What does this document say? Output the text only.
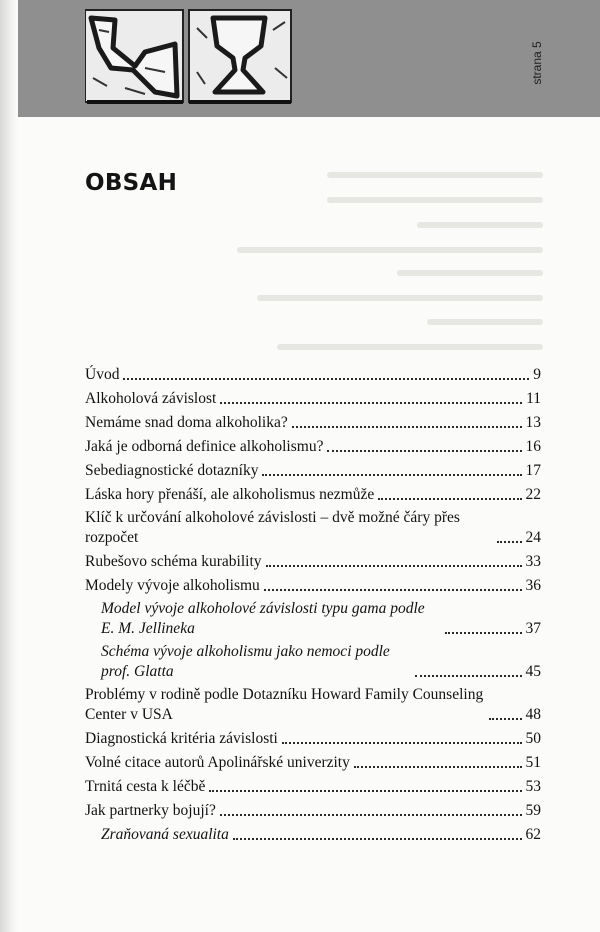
strana 5
OBSAH
Úvod	9
Alkoholová závislost	11
Nemáme snad doma alkoholika?	13
Jaká je odborná definice alkoholismu?	16
Sebediagnostické dotazníky	17
Láska hory přenáší, ale alkoholismus nezmůže	22
Klíč k určování alkoholové závislosti – dvě možné čáry přes rozpočet	24
Rubešovo schéma kurability	33
Modely vývoje alkoholismu	36
Model vývoje alkoholové závislosti typu gama podle E. M. Jellineka	37
Schéma vývoje alkoholismu jako nemoci podle prof. Glatta	45
Problémy v rodině podle Dotazníku Howard Family Counseling Center v USA	48
Diagnostická kritéria závislosti	50
Volné citace autorů Apolinářské univerzity	51
Trnitá cesta k léčbě	53
Jak partnerky bojují?	59
Zraňovaná sexualita	62
